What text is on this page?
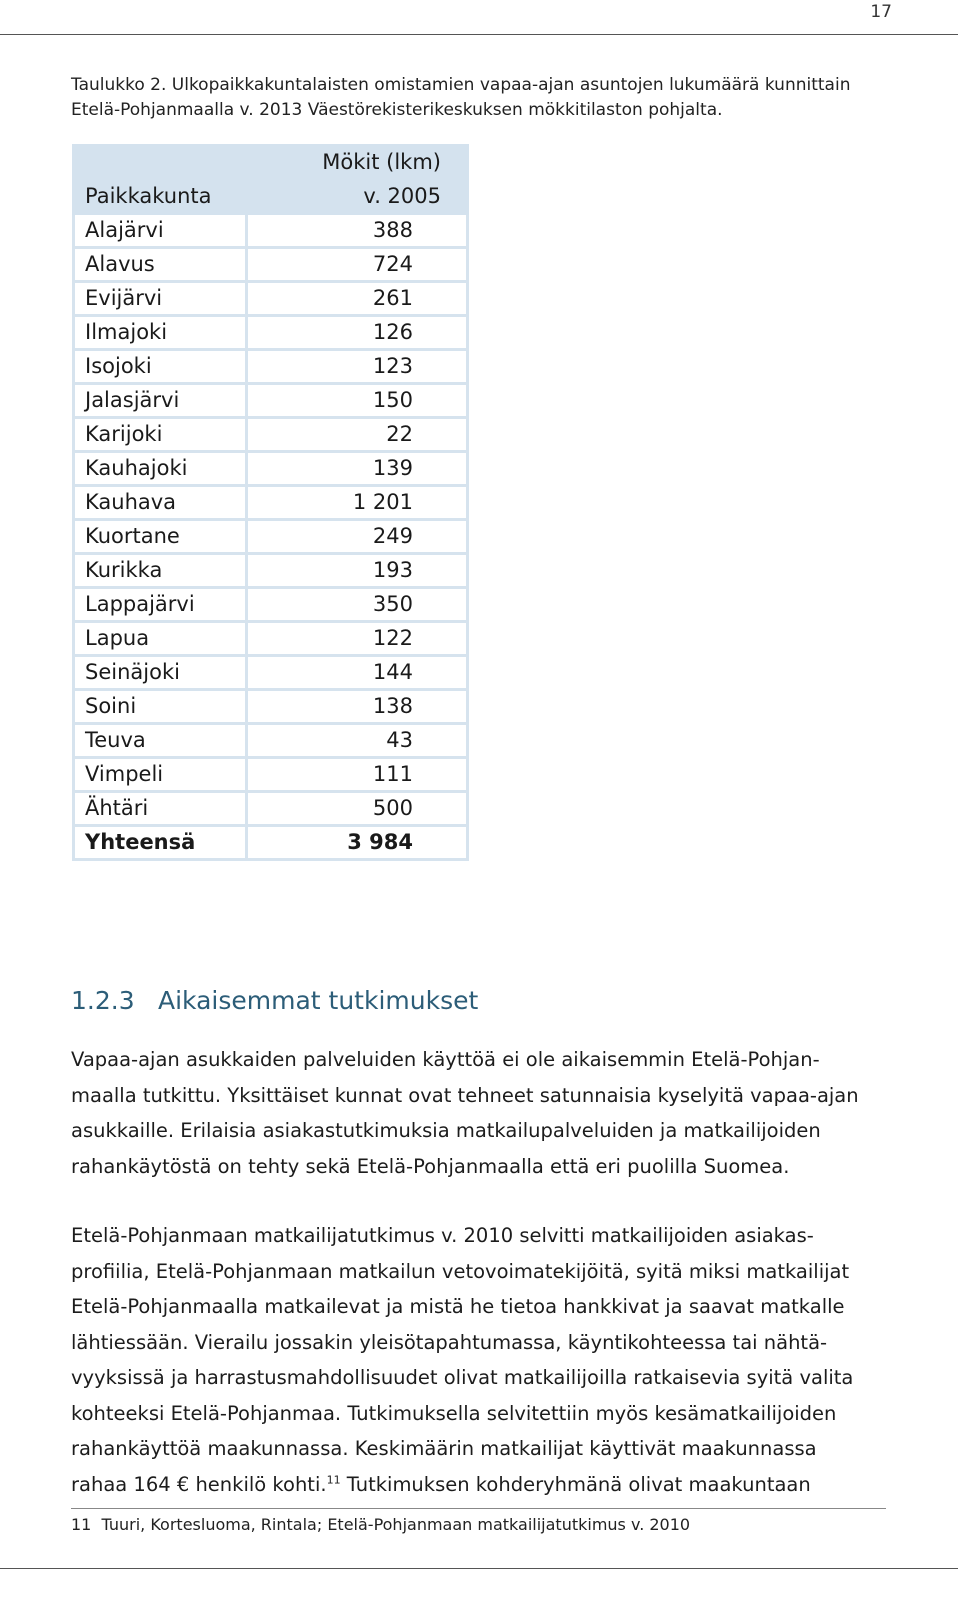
17
Taulukko 2. Ulkopaikkakuntalaisten omistamien vapaa-ajan asuntojen lukumäärä kunnittain
Etelä-Pohjanmaalla v. 2013 Väestörekisterikeskuksen mökkitilaston pohjalta.
	Mökit (lkm)
Paikkakunta	v. 2005
Alajärvi	388
Alavus	724
Evijärvi	261
Ilmajoki	126
Isojoki	123
Jalasjärvi	150
Karijoki	22
Kauhajoki	139
Kauhava	1 201
Kuortane	249
Kurikka	193
Lappajärvi	350
Lapua	122
Seinäjoki	144
Soini	138
Teuva	43
Vimpeli	111
Ähtäri	500
Yhteensä	3 984
1.2.3 Aikaisemmat tutkimukset
Vapaa-ajan asukkaiden palveluiden käyttöä ei ole aikaisemmin Etelä-Pohjan-
maalla tutkittu. Yksittäiset kunnat ovat tehneet satunnaisia kyselyitä vapaa-ajan
asukkaille. Erilaisia asiakastutkimuksia matkailupalveluiden ja matkailijoiden
rahankäytöstä on tehty sekä Etelä-Pohjanmaalla että eri puolilla Suomea.
Etelä-Pohjanmaan matkailijatutkimus v. 2010 selvitti matkailijoiden asiakas-
profiilia, Etelä-Pohjanmaan matkailun vetovoimatekijöitä, syitä miksi matkailijat
Etelä-Pohjanmaalla matkailevat ja mistä he tietoa hankkivat ja saavat matkalle
lähtiessään. Vierailu jossakin yleisötapahtumassa, käyntikohteessa tai nähtä-
vyyksissä ja harrastusmahdollisuudet olivat matkailijoilla ratkaisevia syitä valita
kohteeksi Etelä-Pohjanmaa. Tutkimuksella selvitettiin myös kesämatkailijoiden
rahankäyttöä maakunnassa. Keskimäärin matkailijat käyttivät maakunnassa
rahaa 164 € henkilö kohti.$^{11}$ Tutkimuksen kohderyhmänä olivat maakuntaan
11 Tuuri, Kortesluoma, Rintala; Etelä-Pohjanmaan matkailijatutkimus v. 2010
